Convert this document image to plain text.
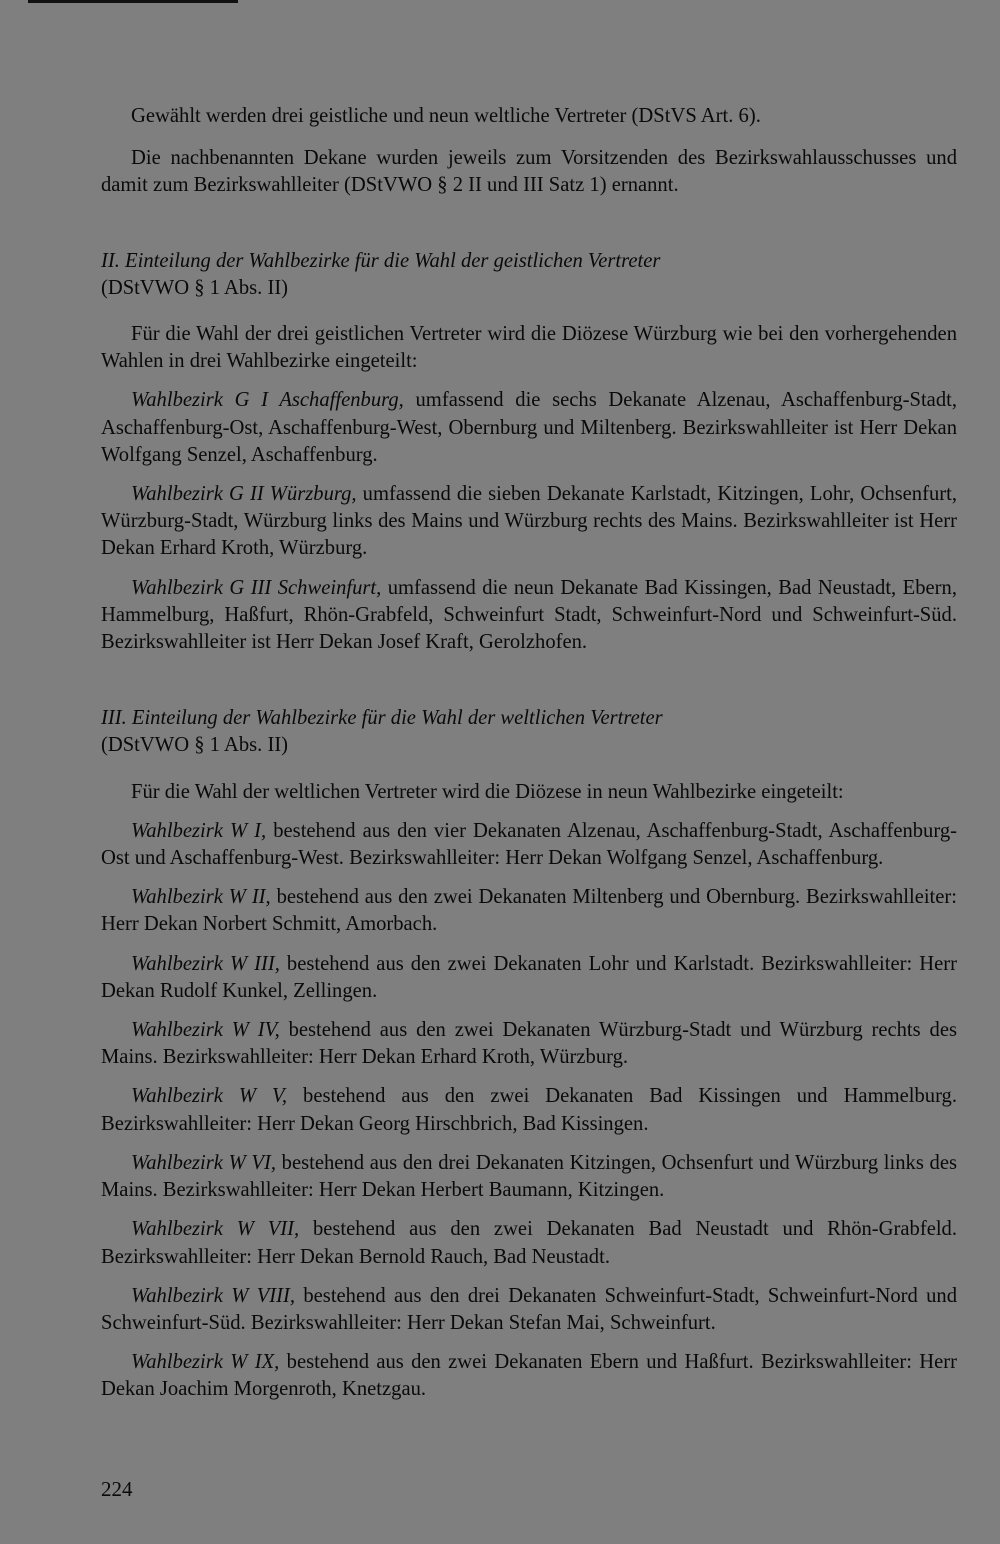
Gewählt werden drei geistliche und neun weltliche Vertreter (DStVS Art. 6).

Die nachbenannten Dekane wurden jeweils zum Vorsitzenden des Bezirkswahlausschusses und damit zum Bezirkswahlleiter (DStVWO § 2 II und III Satz 1) ernannt.

II. Einteilung der Wahlbezirke für die Wahl der geistlichen Vertreter
(DStVWO § 1 Abs. II)

Für die Wahl der drei geistlichen Vertreter wird die Diözese Würzburg wie bei den vorhergehenden Wahlen in drei Wahlbezirke eingeteilt:

Wahlbezirk G I Aschaffenburg, umfassend die sechs Dekanate Alzenau, Aschaffenburg-Stadt, Aschaffenburg-Ost, Aschaffenburg-West, Obernburg und Miltenberg. Bezirkswahlleiter ist Herr Dekan Wolfgang Senzel, Aschaffenburg.

Wahlbezirk G II Würzburg, umfassend die sieben Dekanate Karlstadt, Kitzingen, Lohr, Ochsenfurt, Würzburg-Stadt, Würzburg links des Mains und Würzburg rechts des Mains. Bezirkswahlleiter ist Herr Dekan Erhard Kroth, Würzburg.

Wahlbezirk G III Schweinfurt, umfassend die neun Dekanate Bad Kissingen, Bad Neustadt, Ebern, Hammelburg, Haßfurt, Rhön-Grabfeld, Schweinfurt Stadt, Schweinfurt-Nord und Schweinfurt-Süd. Bezirkswahlleiter ist Herr Dekan Josef Kraft, Gerolzhofen.

III. Einteilung der Wahlbezirke für die Wahl der weltlichen Vertreter
(DStVWO § 1 Abs. II)

Für die Wahl der weltlichen Vertreter wird die Diözese in neun Wahlbezirke eingeteilt:

Wahlbezirk W I, bestehend aus den vier Dekanaten Alzenau, Aschaffenburg-Stadt, Aschaffenburg-Ost und Aschaffenburg-West. Bezirkswahlleiter: Herr Dekan Wolfgang Senzel, Aschaffenburg.

Wahlbezirk W II, bestehend aus den zwei Dekanaten Miltenberg und Obernburg. Bezirkswahlleiter: Herr Dekan Norbert Schmitt, Amorbach.

Wahlbezirk W III, bestehend aus den zwei Dekanaten Lohr und Karlstadt. Bezirkswahlleiter: Herr Dekan Rudolf Kunkel, Zellingen.

Wahlbezirk W IV, bestehend aus den zwei Dekanaten Würzburg-Stadt und Würzburg rechts des Mains. Bezirkswahlleiter: Herr Dekan Erhard Kroth, Würzburg.

Wahlbezirk W V, bestehend aus den zwei Dekanaten Bad Kissingen und Hammelburg. Bezirkswahlleiter: Herr Dekan Georg Hirschbrich, Bad Kissingen.

Wahlbezirk W VI, bestehend aus den drei Dekanaten Kitzingen, Ochsenfurt und Würzburg links des Mains. Bezirkswahlleiter: Herr Dekan Herbert Baumann, Kitzingen.

Wahlbezirk W VII, bestehend aus den zwei Dekanaten Bad Neustadt und Rhön-Grabfeld. Bezirkswahlleiter: Herr Dekan Bernold Rauch, Bad Neustadt.

Wahlbezirk W VIII, bestehend aus den drei Dekanaten Schweinfurt-Stadt, Schweinfurt-Nord und Schweinfurt-Süd. Bezirkswahlleiter: Herr Dekan Stefan Mai, Schweinfurt.

Wahlbezirk W IX, bestehend aus den zwei Dekanaten Ebern und Haßfurt. Bezirkswahlleiter: Herr Dekan Joachim Morgenroth, Knetzgau.

224
